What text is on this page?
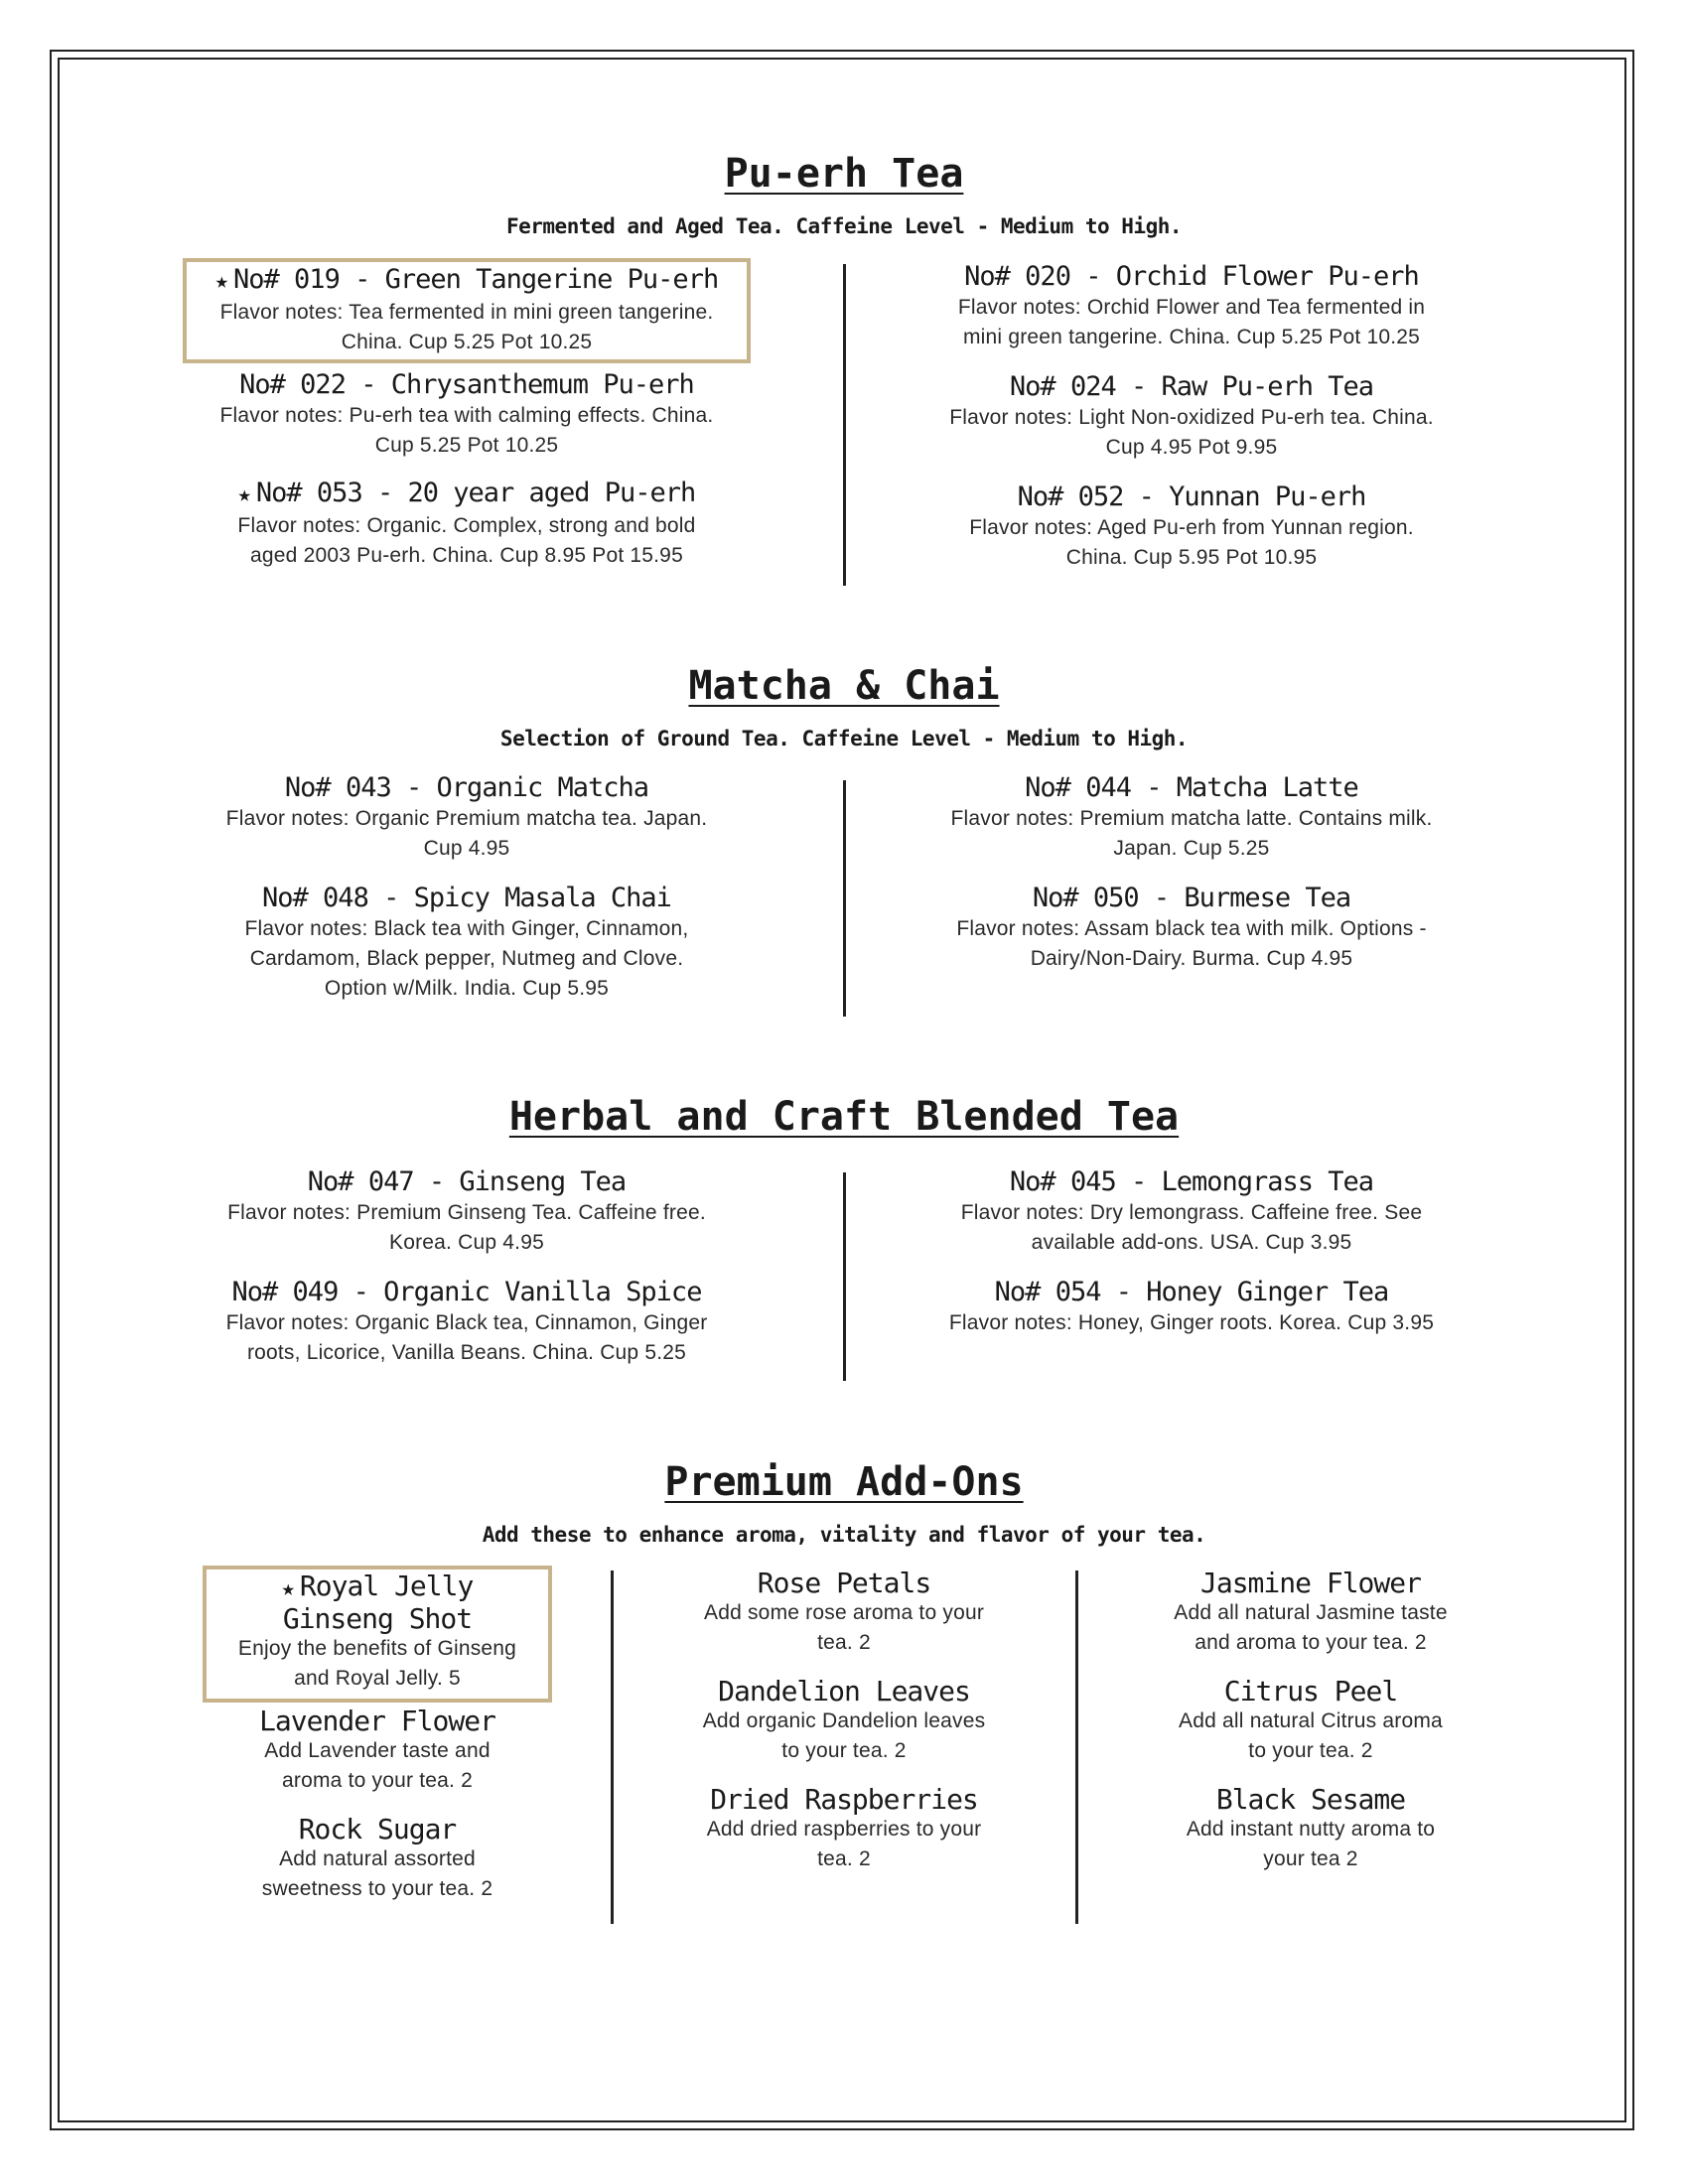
Pu-erh Tea
Fermented and Aged Tea. Caffeine Level - Medium to High.
★ No# 019 - Green Tangerine Pu-erh
Flavor notes: Tea fermented in mini green tangerine.
China. Cup 5.25 Pot 10.25
No# 022 - Chrysanthemum Pu-erh
Flavor notes: Pu-erh tea with calming effects. China.
Cup 5.25 Pot 10.25
★ No# 053 - 20 year aged Pu-erh
Flavor notes: Organic. Complex, strong and bold
aged 2003 Pu-erh. China. Cup 8.95 Pot 15.95
No# 020 - Orchid Flower Pu-erh
Flavor notes: Orchid Flower and Tea fermented in
mini green tangerine. China. Cup 5.25 Pot 10.25
No# 024 - Raw Pu-erh Tea
Flavor notes: Light Non-oxidized Pu-erh tea. China.
Cup 4.95 Pot 9.95
No# 052 - Yunnan Pu-erh
Flavor notes: Aged Pu-erh from Yunnan region.
China. Cup 5.95 Pot 10.95
Matcha & Chai
Selection of Ground Tea. Caffeine Level - Medium to High.
No# 043 - Organic Matcha
Flavor notes: Organic Premium matcha tea. Japan.
Cup 4.95
No# 048 - Spicy Masala Chai
Flavor notes: Black tea with Ginger, Cinnamon,
Cardamom, Black pepper, Nutmeg and Clove.
Option w/Milk. India. Cup 5.95
No# 044 - Matcha Latte
Flavor notes: Premium matcha latte. Contains milk.
Japan. Cup 5.25
No# 050 - Burmese Tea
Flavor notes: Assam black tea with milk. Options -
Dairy/Non-Dairy. Burma. Cup 4.95
Herbal and Craft Blended Tea
No# 047 - Ginseng Tea
Flavor notes: Premium Ginseng Tea. Caffeine free.
Korea. Cup 4.95
No# 049 - Organic Vanilla Spice
Flavor notes: Organic Black tea, Cinnamon, Ginger
roots, Licorice, Vanilla Beans. China. Cup 5.25
No# 045 - Lemongrass Tea
Flavor notes: Dry lemongrass. Caffeine free. See
available add-ons. USA. Cup 3.95
No# 054 - Honey Ginger Tea
Flavor notes: Honey, Ginger roots. Korea. Cup 3.95
Premium Add-Ons
Add these to enhance aroma, vitality and flavor of your tea.
★ Royal Jelly
Ginseng Shot
Enjoy the benefits of Ginseng
and Royal Jelly. 5
Lavender Flower
Add Lavender taste and
aroma to your tea. 2
Rock Sugar
Add natural assorted
sweetness to your tea. 2
Rose Petals
Add some rose aroma to your
tea. 2
Dandelion Leaves
Add organic Dandelion leaves
to your tea. 2
Dried Raspberries
Add dried raspberries to your
tea. 2
Jasmine Flower
Add all natural Jasmine taste
and aroma to your tea. 2
Citrus Peel
Add all natural Citrus aroma
to your tea. 2
Black Sesame
Add instant nutty aroma to
your tea 2
